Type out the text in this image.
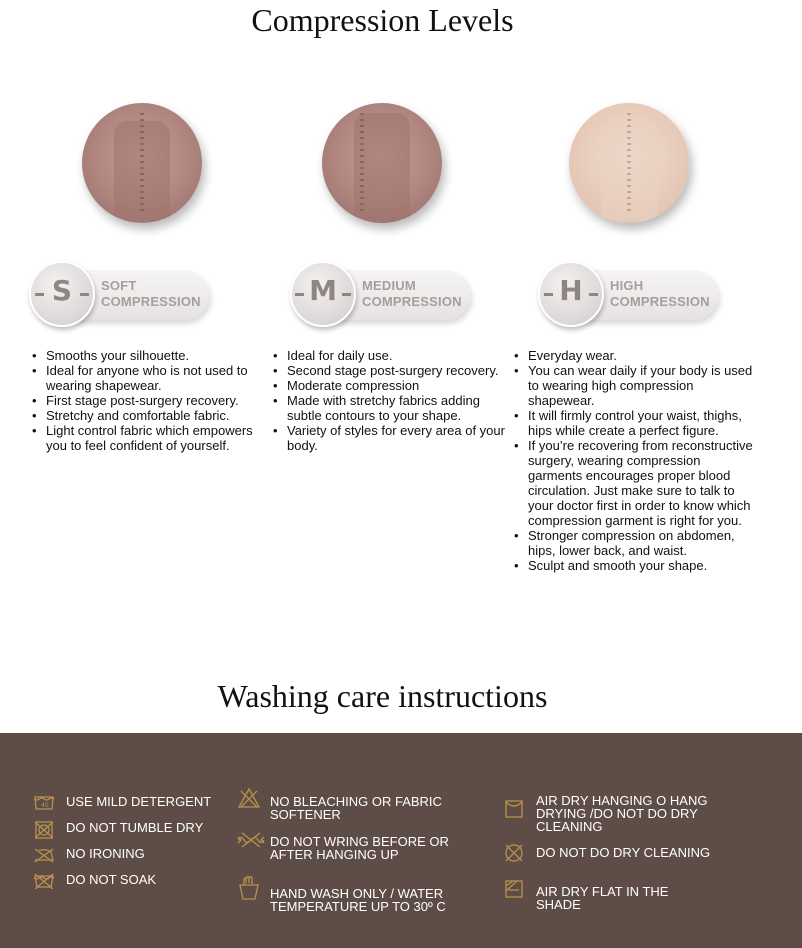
Compression Levels
S	SOFT
COMPRESSION
• Smooths your silhouette.
• Ideal for anyone who is not used to wearing shapewear.
• First stage post-surgery recovery.
• Stretchy and comfortable fabric.
• Light control fabric which empowers you to feel confident of yourself.
M	MEDIUM
COMPRESSION
• Ideal for daily use.
• Second stage post-surgery recovery.
• Moderate compression
• Made with stretchy fabrics adding subtle contours to your shape.
• Variety of styles for every area of your body.
H	HIGH
COMPRESSION
• Everyday wear.
• You can wear daily if your body is used to wearing high compression shapewear.
• It will firmly control your waist, thighs, hips while create a perfect figure.
• If you’re recovering from reconstructive surgery, wearing compression garments encourages proper blood circulation. Just make sure to talk to your doctor first in order to know which compression garment is right for you.
• Stronger compression on abdomen, hips, lower back, and waist.
• Sculpt and smooth your shape.
Washing care instructions
40 USE MILD DETERGENT
DO NOT TUMBLE DRY
NO IRONING
DO NOT SOAK
NO BLEACHING OR FABRIC SOFTENER
DO NOT WRING BEFORE OR AFTER HANGING UP
HAND WASH ONLY / WATER TEMPERATURE UP TO 30º C
AIR DRY HANGING O HANG DRYING /DO NOT DO DRY CLEANING
DO NOT DO DRY CLEANING
AIR DRY FLAT IN THE SHADE
